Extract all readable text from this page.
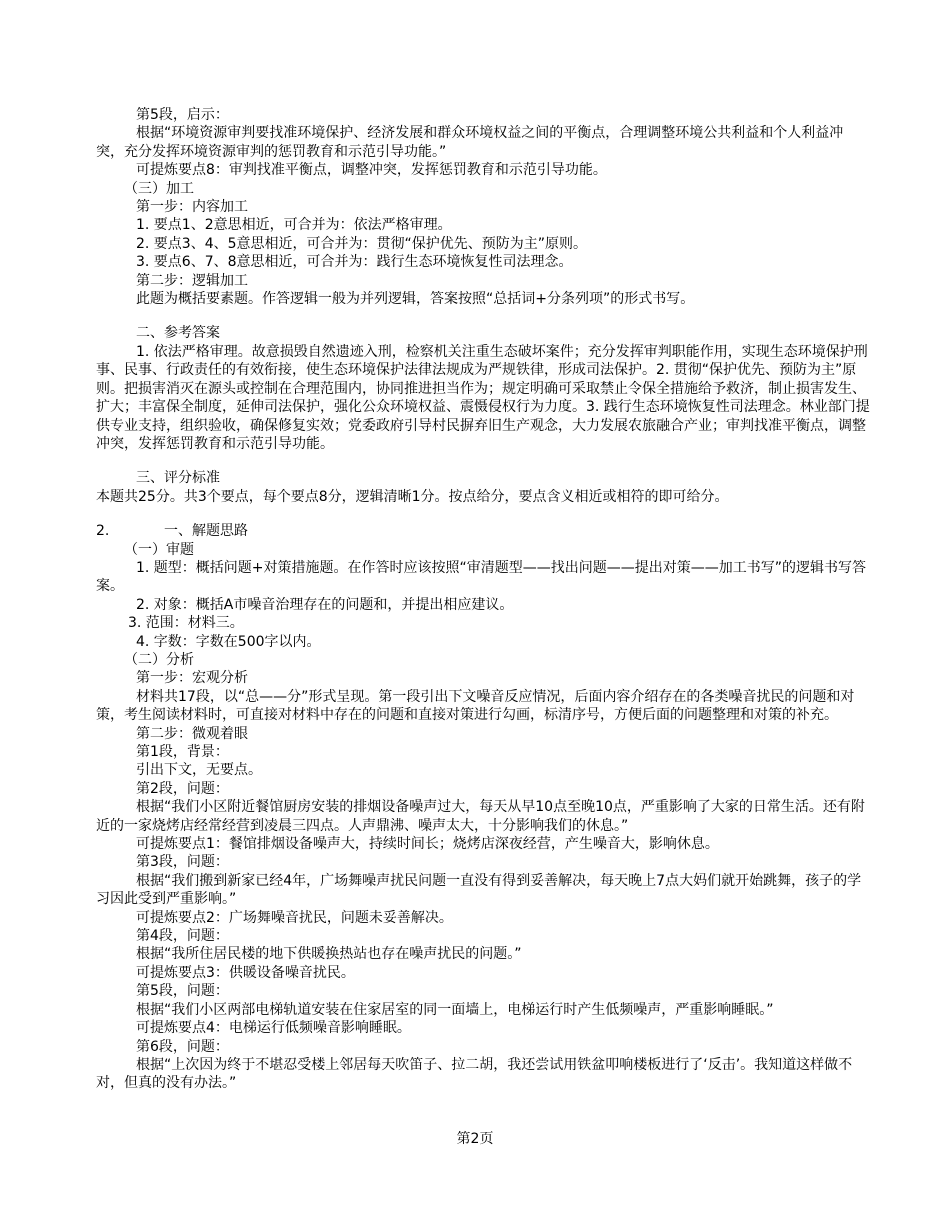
第5段，启示：

根据“环境资源审判要找准环境保护、经济发展和群众环境权益之间的平衡点，合理调整环境公共利益和个人利益冲突，充分发挥环境资源审判的惩罚教育和示范引导功能。”

可提炼要点8：审判找准平衡点，调整冲突，发挥惩罚教育和示范引导功能。

（三）加工

第一步：内容加工

1. 要点1、2意思相近，可合并为：依法严格审理。

2. 要点3、4、5意思相近，可合并为：贯彻“保护优先、预防为主”原则。

3. 要点6、7、8意思相近，可合并为：践行生态环境恢复性司法理念。

第二步：逻辑加工

此题为概括要素题。作答逻辑一般为并列逻辑，答案按照“总括词+分条列项”的形式书写。

二、参考答案

1. 依法严格审理。故意损毁自然遗迹入刑，检察机关注重生态破坏案件；充分发挥审判职能作用，实现生态环境保护刑事、民事、行政责任的有效衔接，使生态环境保护法律法规成为严规铁律，形成司法保护。2. 贯彻“保护优先、预防为主”原则。把损害消灭在源头或控制在合理范围内，协同推进担当作为；规定明确可采取禁止令保全措施给予救济，制止损害发生、扩大；丰富保全制度，延伸司法保护，强化公众环境权益、震慑侵权行为力度。3. 践行生态环境恢复性司法理念。林业部门提供专业支持，组织验收，确保修复实效；党委政府引导村民摒弃旧生产观念，大力发展农旅融合产业；审判找准平衡点，调整冲突，发挥惩罚教育和示范引导功能。

三、评分标准

本题共25分。共3个要点，每个要点8分，逻辑清晰1分。按点给分，要点含义相近或相符的即可给分。

2.	一、解题思路

（一）审题

1. 题型：概括问题+对策措施题。在作答时应该按照“审清题型——找出问题——提出对策——加工书写”的逻辑书写答案。

2. 对象：概括A市噪音治理存在的问题和，并提出相应建议。

3. 范围：材料三。

4. 字数：字数在500字以内。

（二）分析

第一步：宏观分析

材料共17段，以“总——分”形式呈现。第一段引出下文噪音反应情况，后面内容介绍存在的各类噪音扰民的问题和对策，考生阅读材料时，可直接对材料中存在的问题和直接对策进行勾画，标清序号，方便后面的问题整理和对策的补充。

第二步：微观着眼

第1段，背景：

引出下文，无要点。

第2段，问题：

根据“我们小区附近餐馆厨房安装的排烟设备噪声过大，每天从早10点至晚10点，严重影响了大家的日常生活。还有附近的一家烧烤店经常经营到凌晨三四点。人声鼎沸、噪声太大，十分影响我们的休息。”

可提炼要点1：餐馆排烟设备噪声大，持续时间长；烧烤店深夜经营，产生噪音大，影响休息。

第3段，问题：

根据“我们搬到新家已经4年，广场舞噪声扰民问题一直没有得到妥善解决，每天晚上7点大妈们就开始跳舞，孩子的学习因此受到严重影响。”

可提炼要点2：广场舞噪音扰民，问题未妥善解决。

第4段，问题：

根据“我所住居民楼的地下供暖换热站也存在噪声扰民的问题。”

可提炼要点3：供暖设备噪音扰民。

第5段，问题：

根据“我们小区两部电梯轨道安装在住家居室的同一面墙上，电梯运行时产生低频噪声，严重影响睡眠。”

可提炼要点4：电梯运行低频噪音影响睡眠。

第6段，问题：

根据“上次因为终于不堪忍受楼上邻居每天吹笛子、拉二胡，我还尝试用铁盆叩响楼板进行了‘反击’。我知道这样做不对，但真的没有办法。”

第2页
